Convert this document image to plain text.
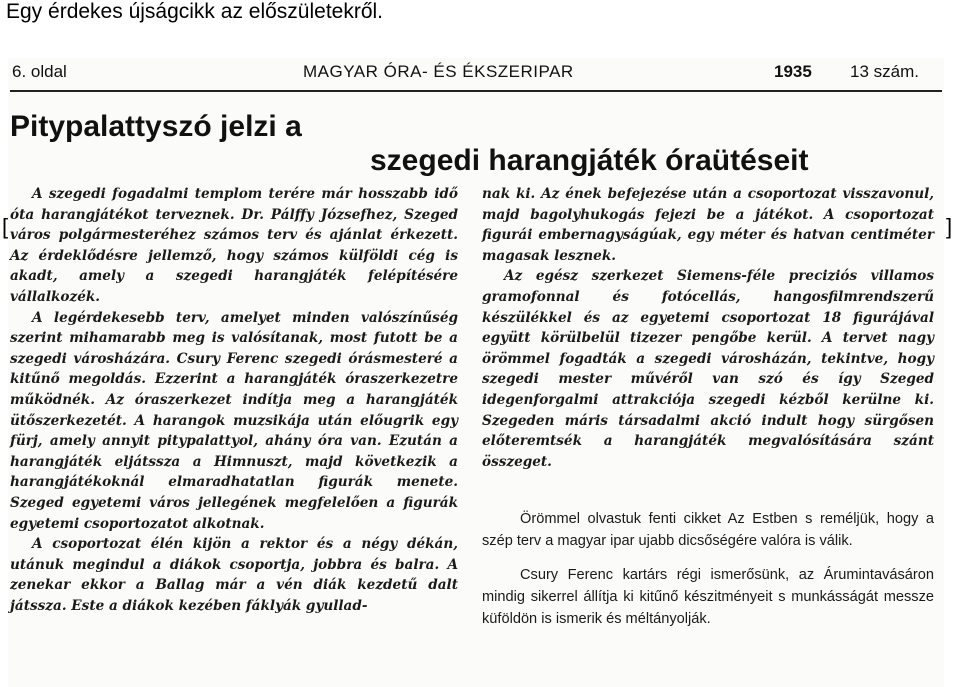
Egy érdekes újságcikk az előszületekről.
[	]
6. oldal	MAGYAR ÓRA- ÉS ÉKSZERIPAR	1935 13 szám.
Pitypalattyszó jelzi a
szegedi harangjáték óraütéseit

A szegedi fogadalmi templom terére már hosszabb idő óta harangjátékot terveznek. Dr. Pálffy Józsefhez, Szeged város polgármesteréhez számos terv és ajánlat érkezett. Az érdeklődésre jellemző, hogy számos külföldi cég is akadt, amely a szegedi harangjáték felépítésére vállalkozék.

A legérdekesebb terv, amelyet minden valószínűség szerint mihamarabb meg is valósítanak, most futott be a szegedi városházára. Csury Ferenc szegedi órásmesteré a kitűnő megoldás. Ezzerint a harangjáték óraszerkezetre működnék. Az óraszerkezet indítja meg a harangjáték ütőszerkezetét. A harangok muzsikája után előugrik egy fürj, amely annyit pitypalattyol, ahány óra van. Ezután a harangjáték eljátssza a Himnuszt, majd következik a harangjátékoknál elmaradhatatlan figurák menete. Szeged egyetemi város jellegének megfelelően a figurák egyetemi csoportozatot alkotnak.

A csoportozat élén kijön a rektor és a négy dékán, utánuk megindul a diákok csoportja, jobbra és balra. A zenekar ekkor a Ballag már a vén diák kezdetű dalt játssza. Este a diákok kezében fáklyák gyullad-

nak ki. Az ének befejezése után a csoportozat visszavonul, majd bagolyhukogás fejezi be a játékot. A csoportozat figurái embernagyságúak, egy méter és hatvan centiméter magasak lesznek.

Az egész szerkezet Siemens-féle preciziós villamos gramofonnal és fotócellás, hangosfilmrendszerű készülékkel és az egyetemi csoportozat 18 figurájával együtt körülbelül tizezer pengőbe kerül. A tervet nagy örömmel fogadták a szegedi városházán, tekintve, hogy szegedi mester művéről van szó és így Szeged idegenforgalmi attrakciója szegedi kézből kerülne ki. Szegeden máris társadalmi akció indult hogy sürgősen előteremtsék a harangjáték megvalósítására szánt összeget.

Örömmel olvastuk fenti cikket Az Estben s reméljük, hogy a szép terv a magyar ipar ujabb dicsőségére valóra is válik.

Csury Ferenc kartárs régi ismerősünk, az Árumintavásáron mindig sikerrel állítja ki kitűnő készitményeit s munkásságát messze küföldön is ismerik és méltányolják.
